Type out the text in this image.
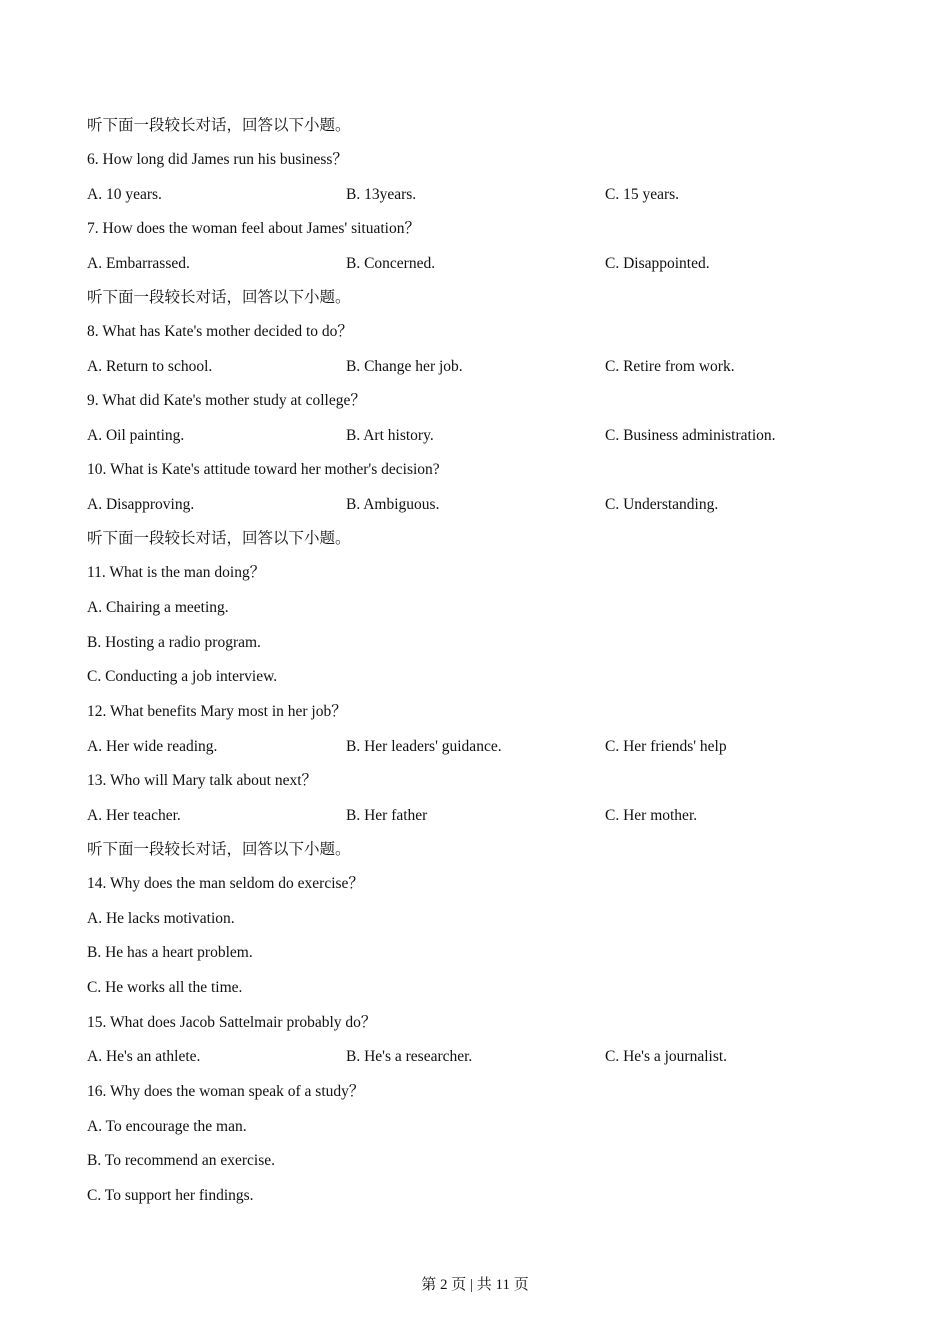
听下面一段较长对话，回答以下小题。
6. How long did James run his business？
A. 10 years.	B. 13years.	C. 15 years.
7. How does the woman feel about James' situation？
A. Embarrassed.	B. Concerned.	C. Disappointed.
听下面一段较长对话，回答以下小题。
8. What has Kate's mother decided to do？
A. Return to school.	B. Change her job.	C. Retire from work.
9. What did Kate's mother study at college？
A. Oil painting.	B. Art history.	C. Business administration.
10. What is Kate's attitude toward her mother's decision?
A. Disapproving.	B. Ambiguous.	C. Understanding.
听下面一段较长对话，回答以下小题。
11. What is the man doing？
A. Chairing a meeting.
B. Hosting a radio program.
C. Conducting a job interview.
12. What benefits Mary most in her job？
A. Her wide reading.	B. Her leaders' guidance.	C. Her friends' help
13. Who will Mary talk about next？
A. Her teacher.	B. Her father	C. Her mother.
听下面一段较长对话，回答以下小题。
14. Why does the man seldom do exercise？
A. He lacks motivation.
B. He has a heart problem.
C. He works all the time.
15. What does Jacob Sattelmair probably do？
A. He's an athlete.	B. He's a researcher.	C. He's a journalist.
16. Why does the woman speak of a study？
A. To encourage the man.
B. To recommend an exercise.
C. To support her findings.
第 2 页 | 共 11 页
